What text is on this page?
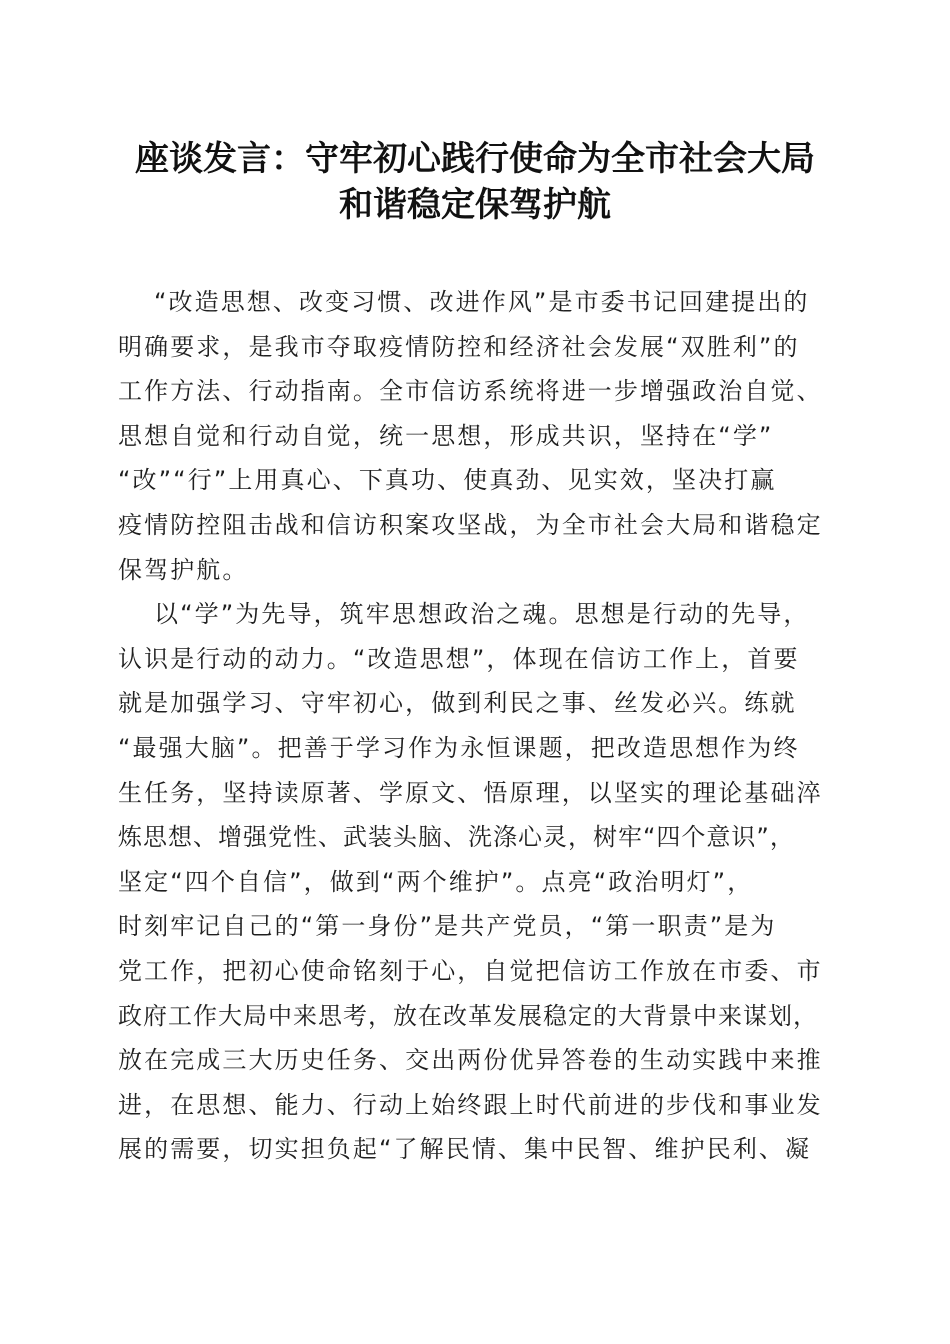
座谈发言：守牢初心践行使命为全市社会大局
和谐稳定保驾护航

“改造思想、改变习惯、改进作风”是市委书记回建提出的
明确要求，是我市夺取疫情防控和经济社会发展“双胜利”的
工作方法、行动指南。全市信访系统将进一步增强政治自觉、
思想自觉和行动自觉，统一思想，形成共识，坚持在“学”
“改”“行”上用真心、下真功、使真劲、见实效，坚决打赢
疫情防控阻击战和信访积案攻坚战，为全市社会大局和谐稳定
保驾护航。

以“学”为先导，筑牢思想政治之魂。思想是行动的先导，
认识是行动的动力。“改造思想”，体现在信访工作上，首要
就是加强学习、守牢初心，做到利民之事、丝发必兴。练就
“最强大脑”。把善于学习作为永恒课题，把改造思想作为终
生任务，坚持读原著、学原文、悟原理，以坚实的理论基础淬
炼思想、增强党性、武装头脑、洗涤心灵，树牢“四个意识”，
坚定“四个自信”，做到“两个维护”。点亮“政治明灯”，
时刻牢记自己的“第一身份”是共产党员，“第一职责”是为
党工作，把初心使命铭刻于心，自觉把信访工作放在市委、市
政府工作大局中来思考，放在改革发展稳定的大背景中来谋划，
放在完成三大历史任务、交出两份优异答卷的生动实践中来推
进，在思想、能力、行动上始终跟上时代前进的步伐和事业发
展的需要，切实担负起“了解民情、集中民智、维护民利、凝
